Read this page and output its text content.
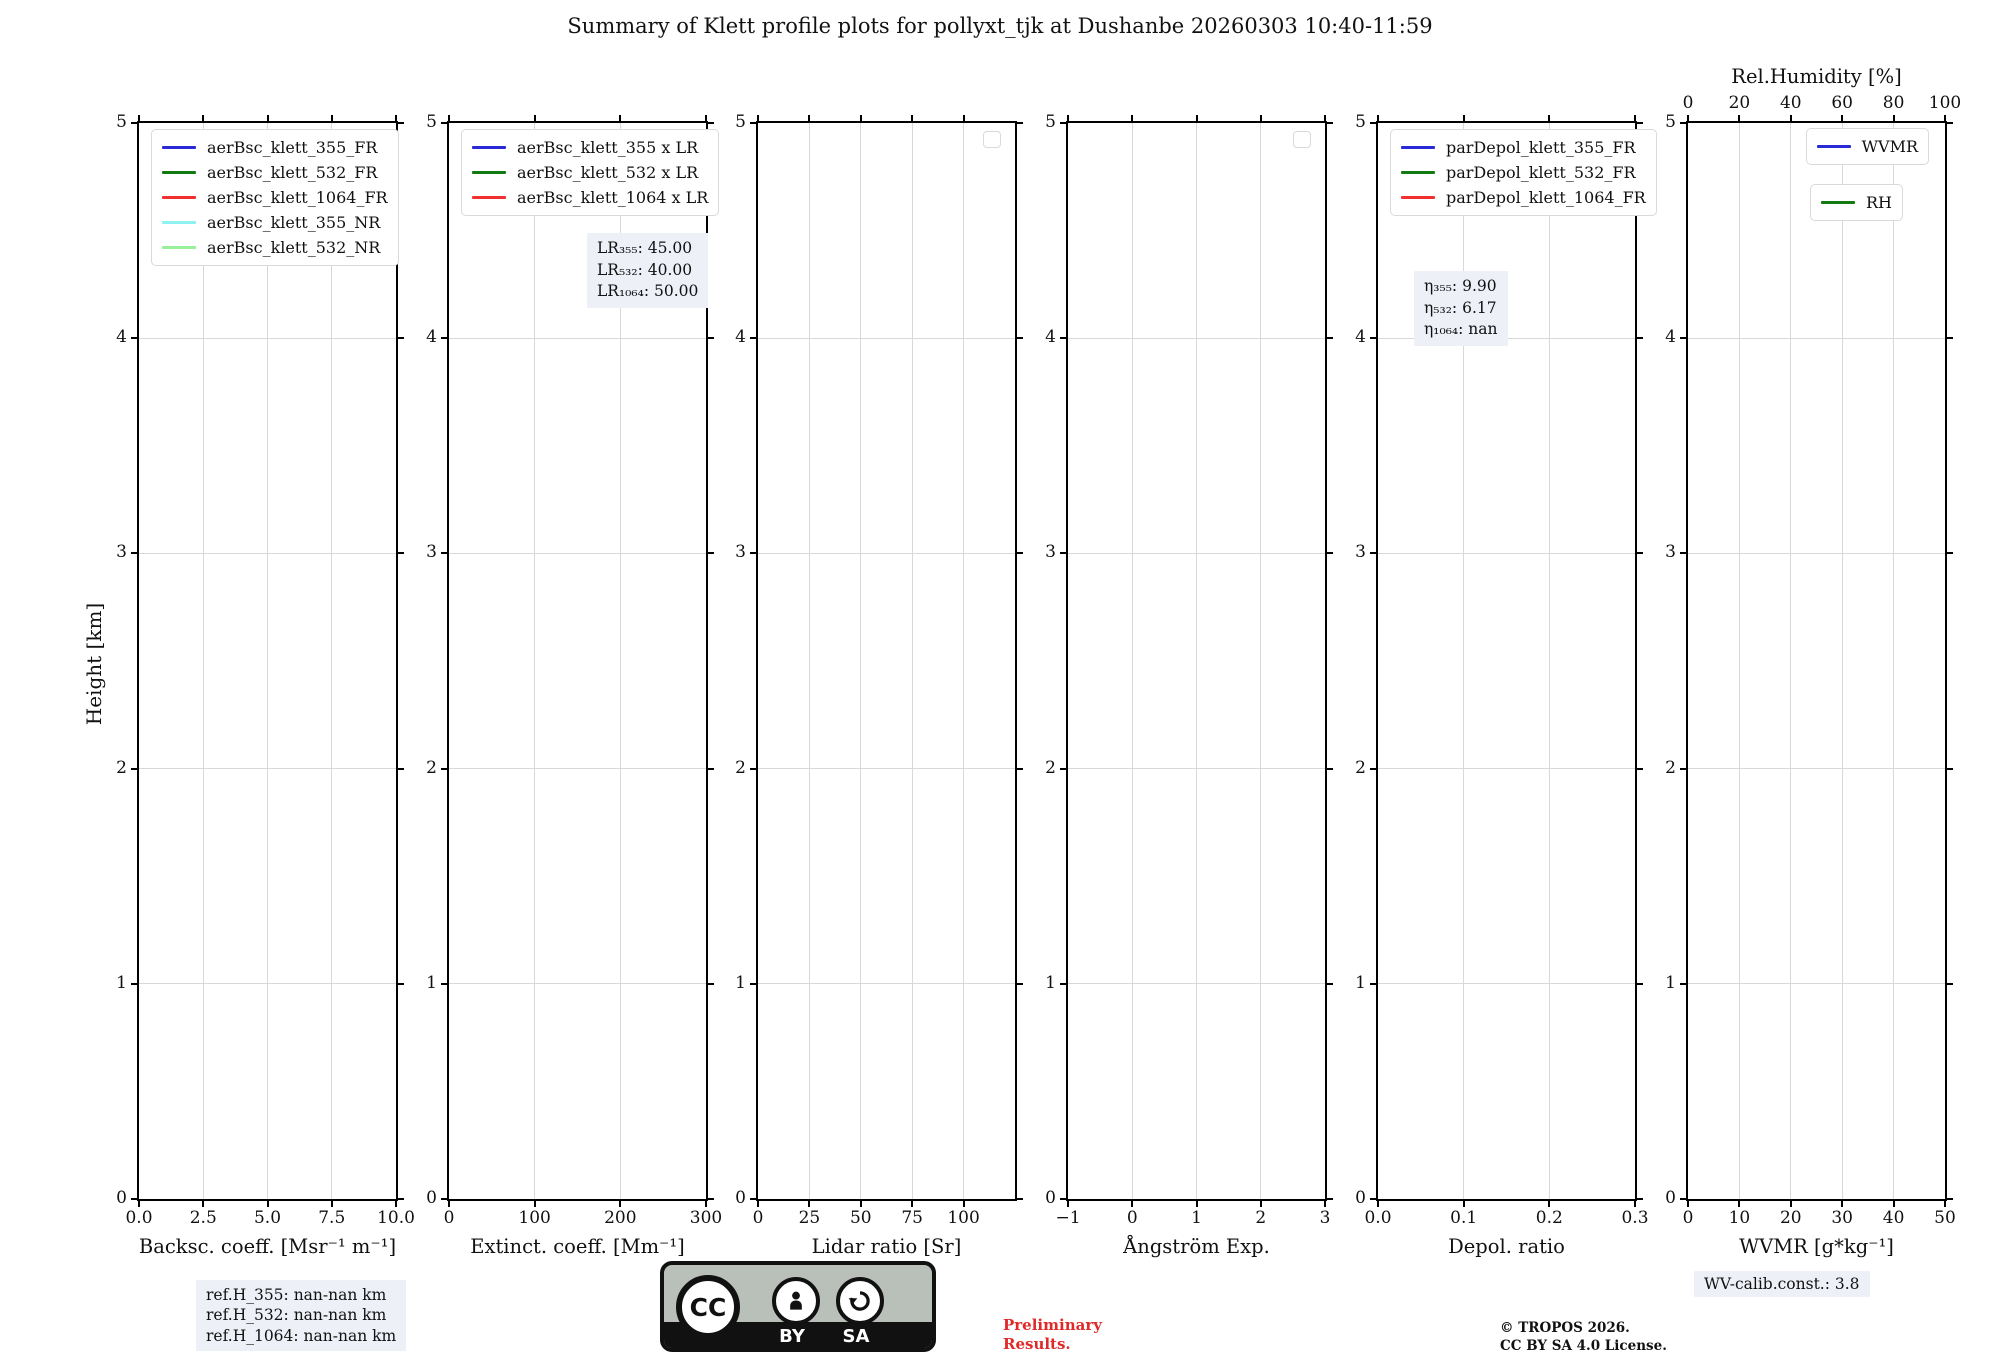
Summary of Klett profile plots for pollyxt_tjk at Dushanbe 20260303 10:40-11:59
Height [km]
0.0	2.5	5.0	7.5	10.0
0
1
2
3
4
5
Backsc. coeff. [Msr⁻¹ m⁻¹]
aerBsc_klett_355_FR
aerBsc_klett_532_FR
aerBsc_klett_1064_FR
aerBsc_klett_355_NR
aerBsc_klett_532_NR
0	100	200	300
0
1
2
3
4
5
Extinct. coeff. [Mm⁻¹]
aerBsc_klett_355 x LR
aerBsc_klett_532 x LR
aerBsc_klett_1064 x LR
LR₃₅₅: 45.00
LR₅₃₂: 40.00
LR₁₀₆₄: 50.00
0	25	50	75	100
0
1
2
3
4
5
Lidar ratio [Sr]
−1	0	1	2	3
0
1
2
3
4
5
Ångström Exp.
0.0	0.1	0.2	0.3
0
1
2
3
4
5
Depol. ratio
parDepol_klett_355_FR
parDepol_klett_532_FR
parDepol_klett_1064_FR
η₃₅₅: 9.90
η₅₃₂: 6.17
η₁₀₆₄: nan
0	10	20	30	40	50
0
1
2
3
4
5
WVMR [g*kg⁻¹]
0	20	40	60	80	100
Rel.Humidity [%]
WVMR
RH
ref.H_355: nan-nan km
ref.H_532: nan-nan km
ref.H_1064: nan-nan km
CC
BY	SA
Preliminary
Results.
© TROPOS 2026.
CC BY SA 4.0 License.
WV-calib.const.: 3.8
